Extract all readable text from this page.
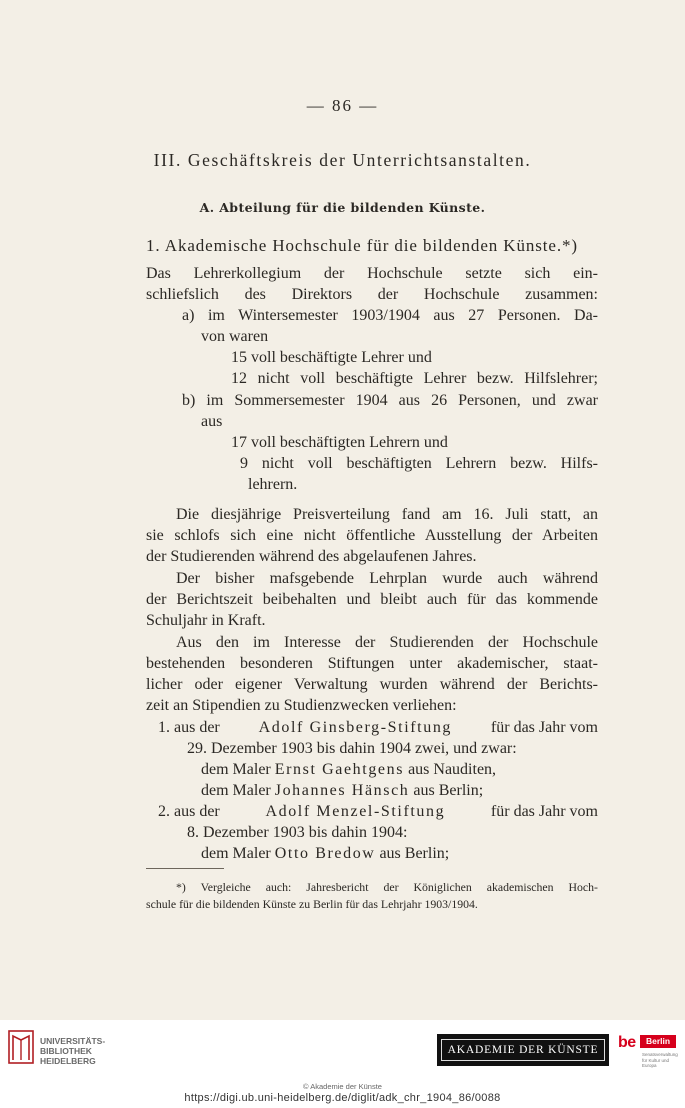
— 86 —
III. Geschäftskreis der Unterrichtsanstalten.
A. Abteilung für die bildenden Künste.
1. Akademische Hochschule für die bildenden Künste.*)
Das Lehrerkollegium der Hochschule setzte sich ein-
schliefslich des Direktors der Hochschule zusammen:
a) im Wintersemester 1903/1904 aus 27 Personen. Da-
von waren
15 voll beschäftigte Lehrer und
12 nicht voll beschäftigte Lehrer bezw. Hilfslehrer;
b) im Sommersemester 1904 aus 26 Personen, und zwar
aus
17 voll beschäftigten Lehrern und
9 nicht voll beschäftigten Lehrern bezw. Hilfs-
lehrern.
Die diesjährige Preisverteilung fand am 16. Juli statt, an
sie schlofs sich eine nicht öffentliche Ausstellung der Arbeiten
der Studierenden während des abgelaufenen Jahres.
Der bisher mafsgebende Lehrplan wurde auch während
der Berichtszeit beibehalten und bleibt auch für das kommende
Schuljahr in Kraft.
Aus den im Interesse der Studierenden der Hochschule
bestehenden besonderen Stiftungen unter akademischer, staat-
licher oder eigener Verwaltung wurden während der Berichts-
zeit an Stipendien zu Studienzwecken verliehen:
1. aus der Adolf Ginsberg-Stiftung für das Jahr vom
29. Dezember 1903 bis dahin 1904 zwei, und zwar:
dem Maler Ernst Gaehtgens aus Nauditen,
dem Maler Johannes Hänsch aus Berlin;
2. aus der	Adolf Menzel-Stiftung	für das Jahr vom
8. Dezember 1903 bis dahin 1904:
dem Maler Otto Bredow aus Berlin;
*) Vergleiche auch: Jahresbericht der Königlichen akademischen Hoch-
schule für die bildenden Künste zu Berlin für das Lehrjahr 1903/1904.
UNIVERSITÄTS-
BIBLIOTHEK
HEIDELBERG
AKADEMIE DER KÜNSTE	be	Berlin
Senatsverwaltung
für Kultur und Europa
© Akademie der Künste
https://digi.ub.uni-heidelberg.de/diglit/adk_chr_1904_86/0088
